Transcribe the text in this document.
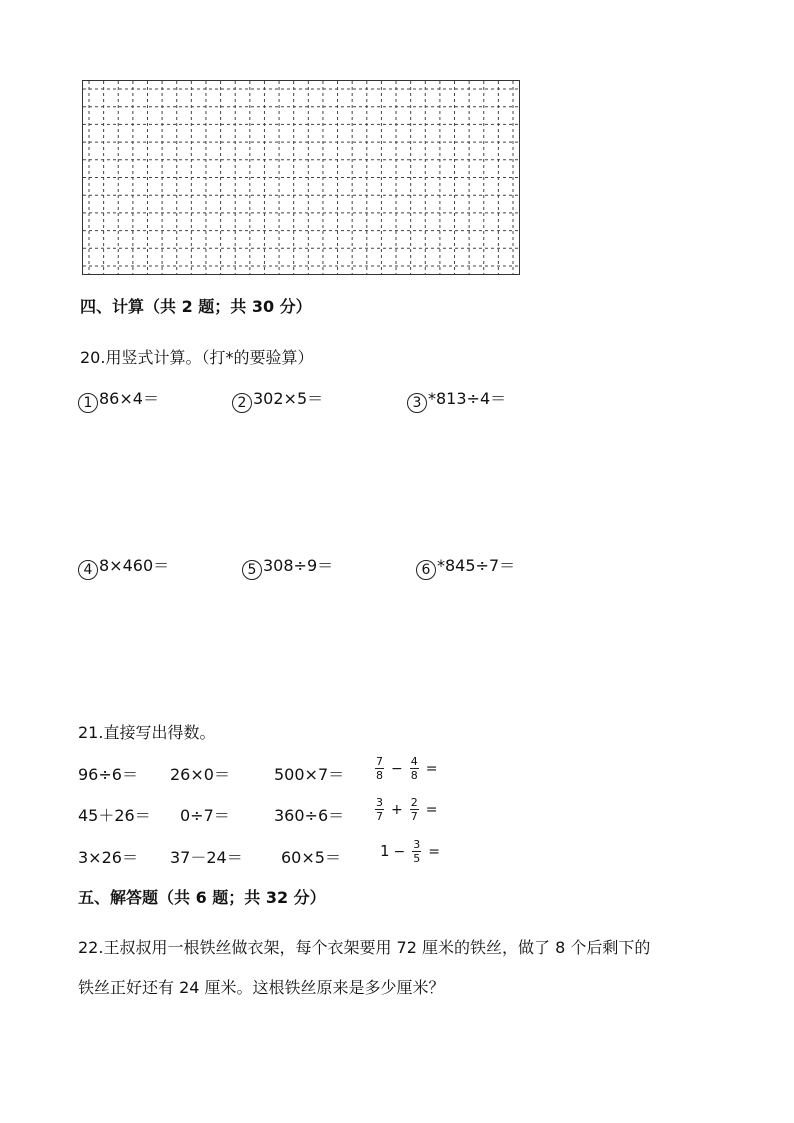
四、计算（共 2 题；共 30 分）
20.用竖式计算。（打*的要验算）
1 86×4＝	2 302×5＝	3 *813÷4＝
4 8×460＝	5 308÷9＝	6 *845÷7＝
21.直接写出得数。
96÷6＝ 26×0＝	500×7＝	$\frac{7}{8} - \frac{4}{8}$ =
45＋26＝ 0÷7＝	360÷6＝	$\frac{3}{7} + \frac{2}{7}$ =
3×26＝ 37－24＝ 60×5＝	$1 - \frac{3}{5}$ =
五、解答题（共 6 题；共 32 分）
22.王叔叔用一根铁丝做衣架，每个衣架要用 72 厘米的铁丝，做了 8 个后剩下的
铁丝正好还有 24 厘米。这根铁丝原来是多少厘米？
